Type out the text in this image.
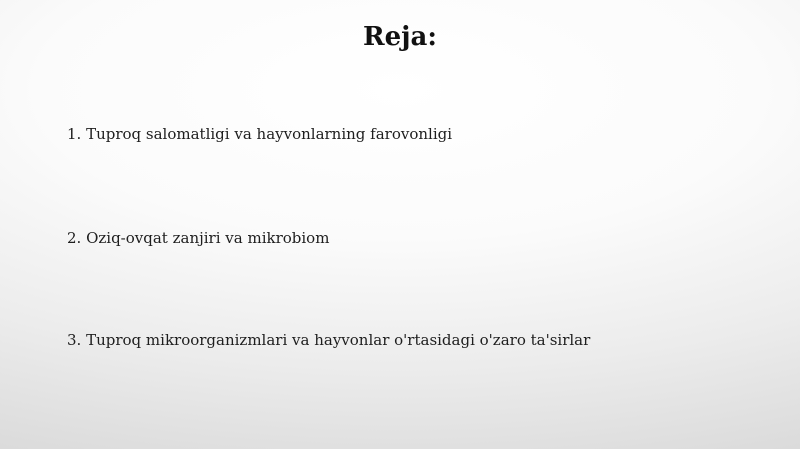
Reja:
1. Tuproq salomatligi va hayvonlarning farovonligi
2. Oziq-ovqat zanjiri va mikrobiom
3. Tuproq mikroorganizmlari va hayvonlar o'rtasidagi o'zaro ta'sirlar
